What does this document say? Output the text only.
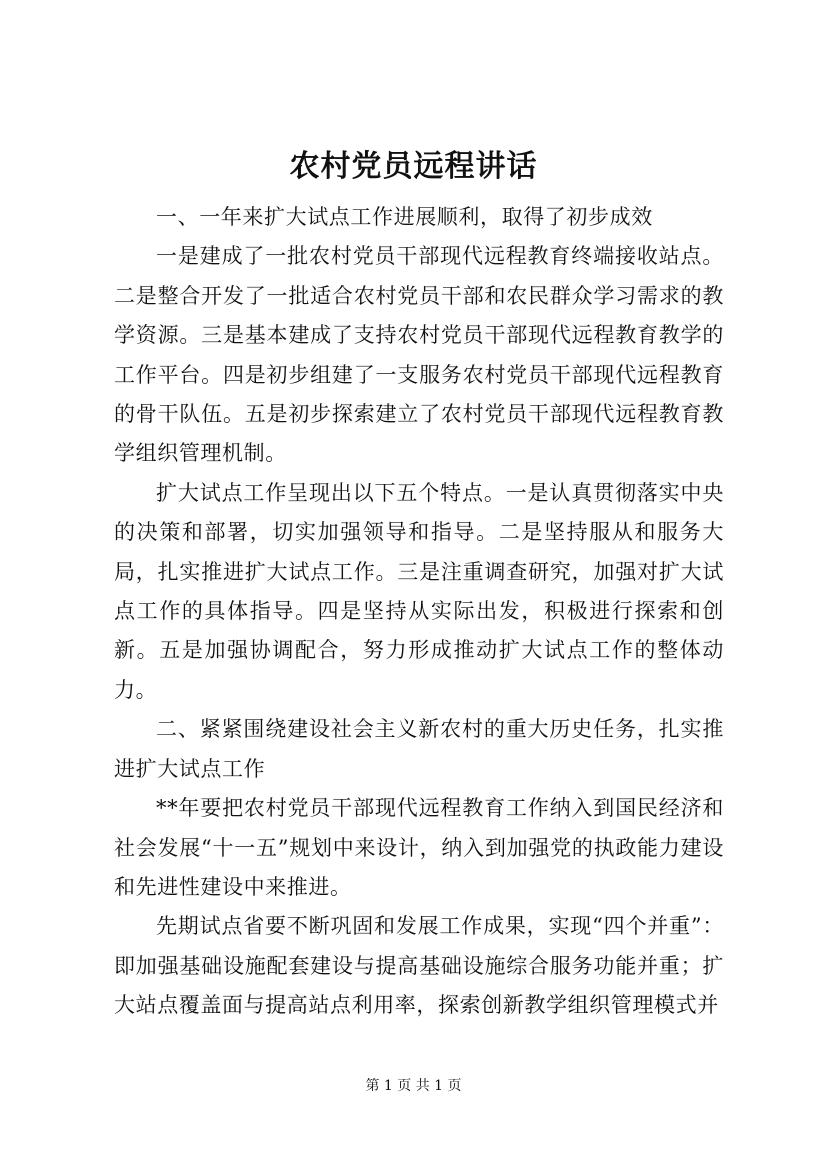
农村党员远程讲话

一、一年来扩大试点工作进展顺利，取得了初步成效

一是建成了一批农村党员干部现代远程教育终端接收站点。二是整合开发了一批适合农村党员干部和农民群众学习需求的教学资源。三是基本建成了支持农村党员干部现代远程教育教学的工作平台。四是初步组建了一支服务农村党员干部现代远程教育的骨干队伍。五是初步探索建立了农村党员干部现代远程教育教学组织管理机制。

扩大试点工作呈现出以下五个特点。一是认真贯彻落实中央的决策和部署，切实加强领导和指导。二是坚持服从和服务大局，扎实推进扩大试点工作。三是注重调查研究，加强对扩大试点工作的具体指导。四是坚持从实际出发，积极进行探索和创新。五是加强协调配合，努力形成推动扩大试点工作的整体动力。

二、紧紧围绕建设社会主义新农村的重大历史任务，扎实推进扩大试点工作

**年要把农村党员干部现代远程教育工作纳入到国民经济和社会发展“十一五”规划中来设计，纳入到加强党的执政能力建设和先进性建设中来推进。

先期试点省要不断巩固和发展工作成果，实现“四个并重”：即加强基础设施配套建设与提高基础设施综合服务功能并重；扩大站点覆盖面与提高站点利用率，探索创新教学组织管理模式并

第 1 页 共 1 页
